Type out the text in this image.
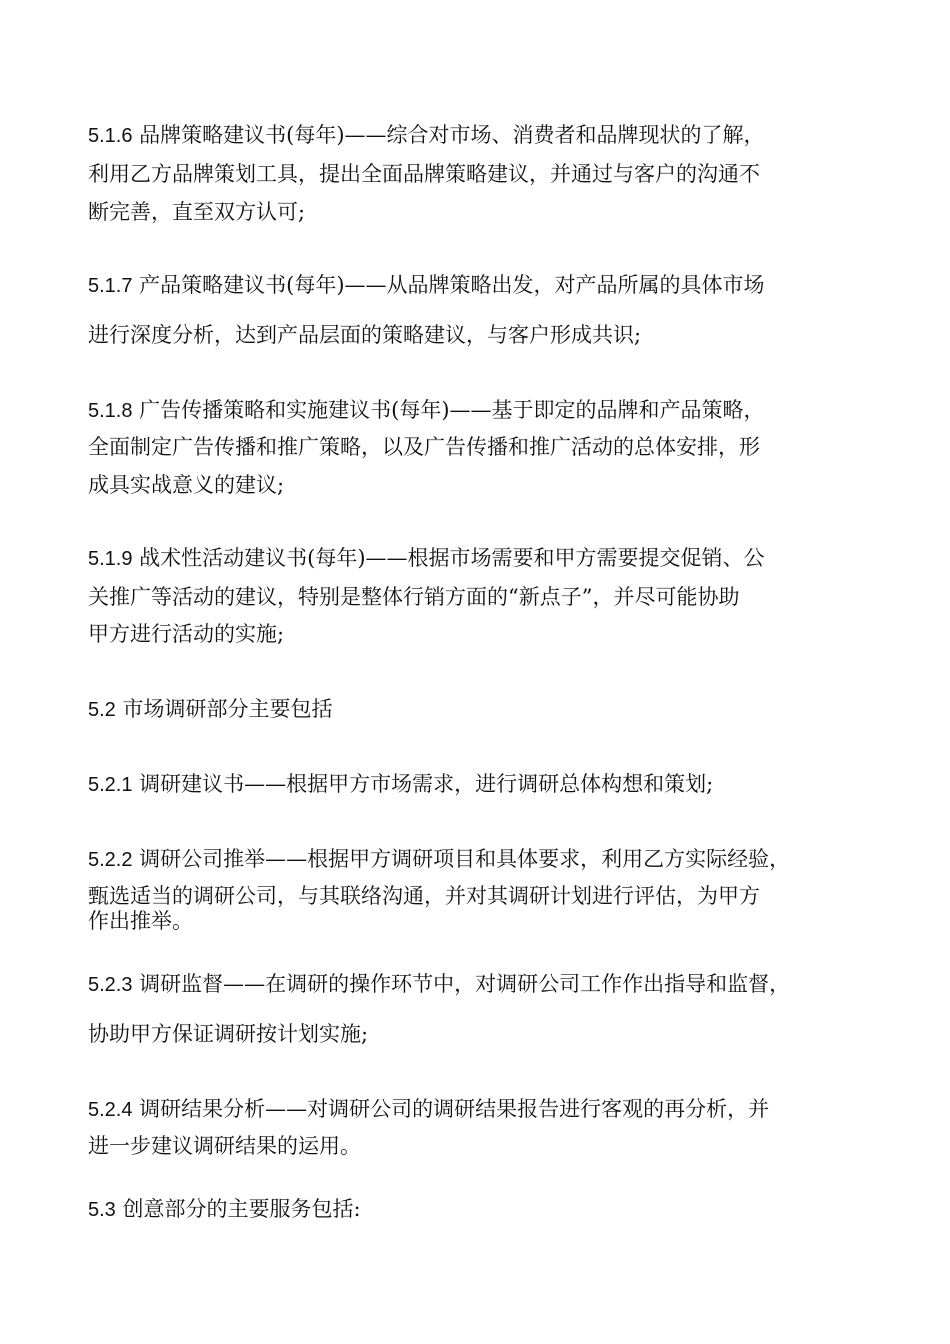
5.1.6 品牌策略建议书(每年)——综合对市场、消费者和品牌现状的了解，
利用乙方品牌策划工具，提出全面品牌策略建议，并通过与客户的沟通不
断完善，直至双方认可;
5.1.7 产品策略建议书(每年)——从品牌策略出发，对产品所属的具体市场
进行深度分析，达到产品层面的策略建议，与客户形成共识;
5.1.8 广告传播策略和实施建议书(每年)——基于即定的品牌和产品策略，
全面制定广告传播和推广策略，以及广告传播和推广活动的总体安排，形
成具实战意义的建议;
5.1.9 战术性活动建议书(每年)——根据市场需要和甲方需要提交促销、公
关推广等活动的建议，特别是整体行销方面的“新点子”，并尽可能协助
甲方进行活动的实施;
5.2 市场调研部分主要包括
5.2.1 调研建议书——根据甲方市场需求，进行调研总体构想和策划;
5.2.2 调研公司推举——根据甲方调研项目和具体要求，利用乙方实际经验，
甄选适当的调研公司，与其联络沟通，并对其调研计划进行评估，为甲方
作出推举。
5.2.3 调研监督——在调研的操作环节中，对调研公司工作作出指导和监督，
协助甲方保证调研按计划实施;
5.2.4 调研结果分析——对调研公司的调研结果报告进行客观的再分析，并
进一步建议调研结果的运用。
5.3 创意部分的主要服务包括:
